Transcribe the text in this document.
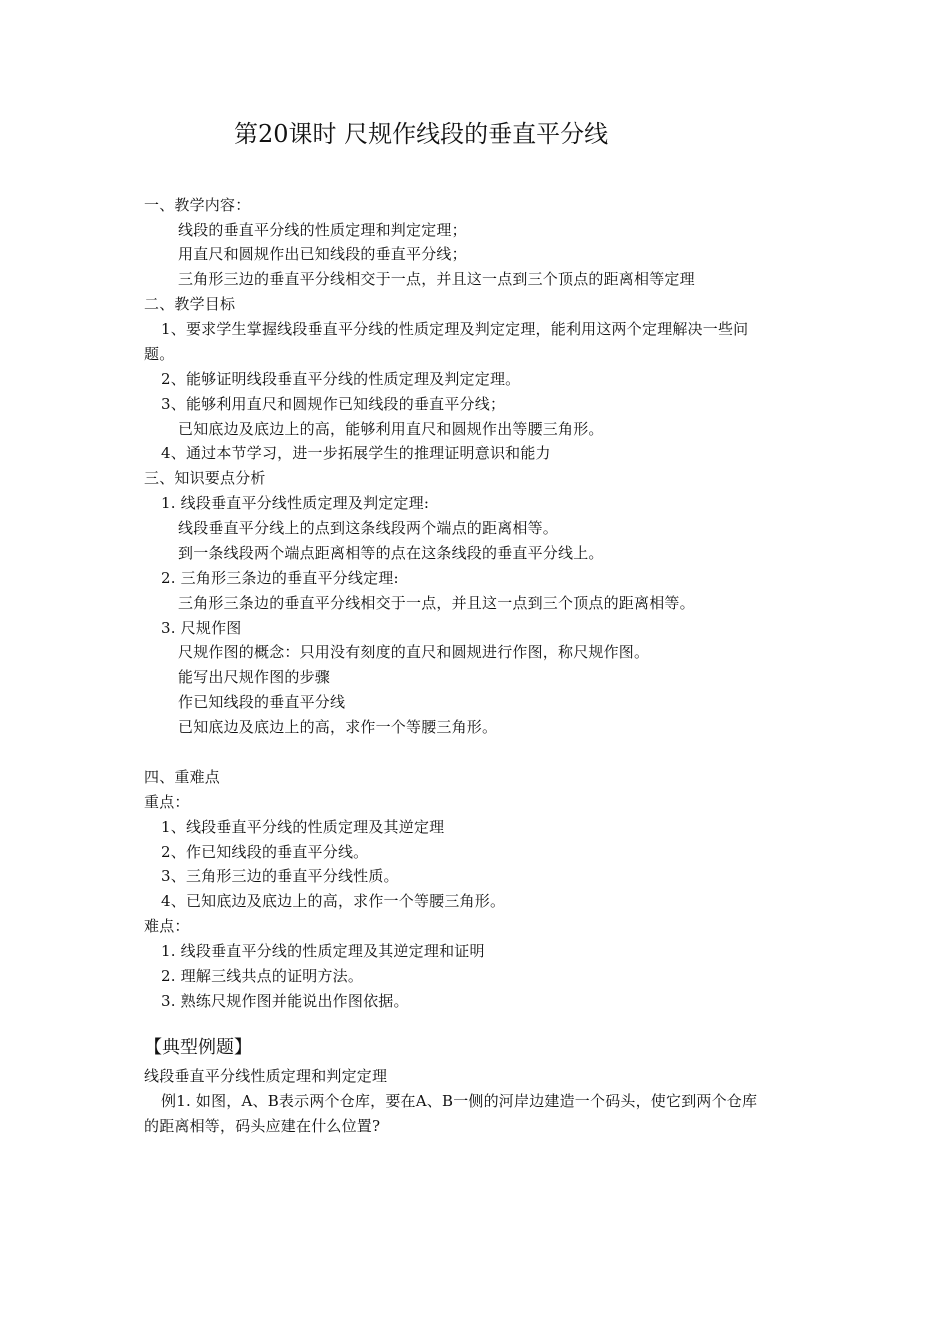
第20课时 尺规作线段的垂直平分线
一、教学内容：
线段的垂直平分线的性质定理和判定定理；
用直尺和圆规作出已知线段的垂直平分线；
三角形三边的垂直平分线相交于一点，并且这一点到三个顶点的距离相等定理
二、教学目标
1、要求学生掌握线段垂直平分线的性质定理及判定定理，能利用这两个定理解决一些问
题。
2、能够证明线段垂直平分线的性质定理及判定定理。
3、能够利用直尺和圆规作已知线段的垂直平分线；
已知底边及底边上的高，能够利用直尺和圆规作出等腰三角形。
4、通过本节学习，进一步拓展学生的推理证明意识和能力
三、知识要点分析
1. 线段垂直平分线性质定理及判定定理:
线段垂直平分线上的点到这条线段两个端点的距离相等。
到一条线段两个端点距离相等的点在这条线段的垂直平分线上。
2. 三角形三条边的垂直平分线定理:
三角形三条边的垂直平分线相交于一点，并且这一点到三个顶点的距离相等。
3. 尺规作图
尺规作图的概念：只用没有刻度的直尺和圆规进行作图，称尺规作图。
能写出尺规作图的步骤
作已知线段的垂直平分线
已知底边及底边上的高，求作一个等腰三角形。
四、重难点
重点：
1、线段垂直平分线的性质定理及其逆定理
2、作已知线段的垂直平分线。
3、三角形三边的垂直平分线性质。
4、已知底边及底边上的高，求作一个等腰三角形。
难点：
1. 线段垂直平分线的性质定理及其逆定理和证明
2. 理解三线共点的证明方法。
3. 熟练尺规作图并能说出作图依据。
【典型例题】
线段垂直平分线性质定理和判定定理
例1. 如图，A、B表示两个仓库，要在A、B一侧的河岸边建造一个码头，使它到两个仓库
的距离相等，码头应建在什么位置?
